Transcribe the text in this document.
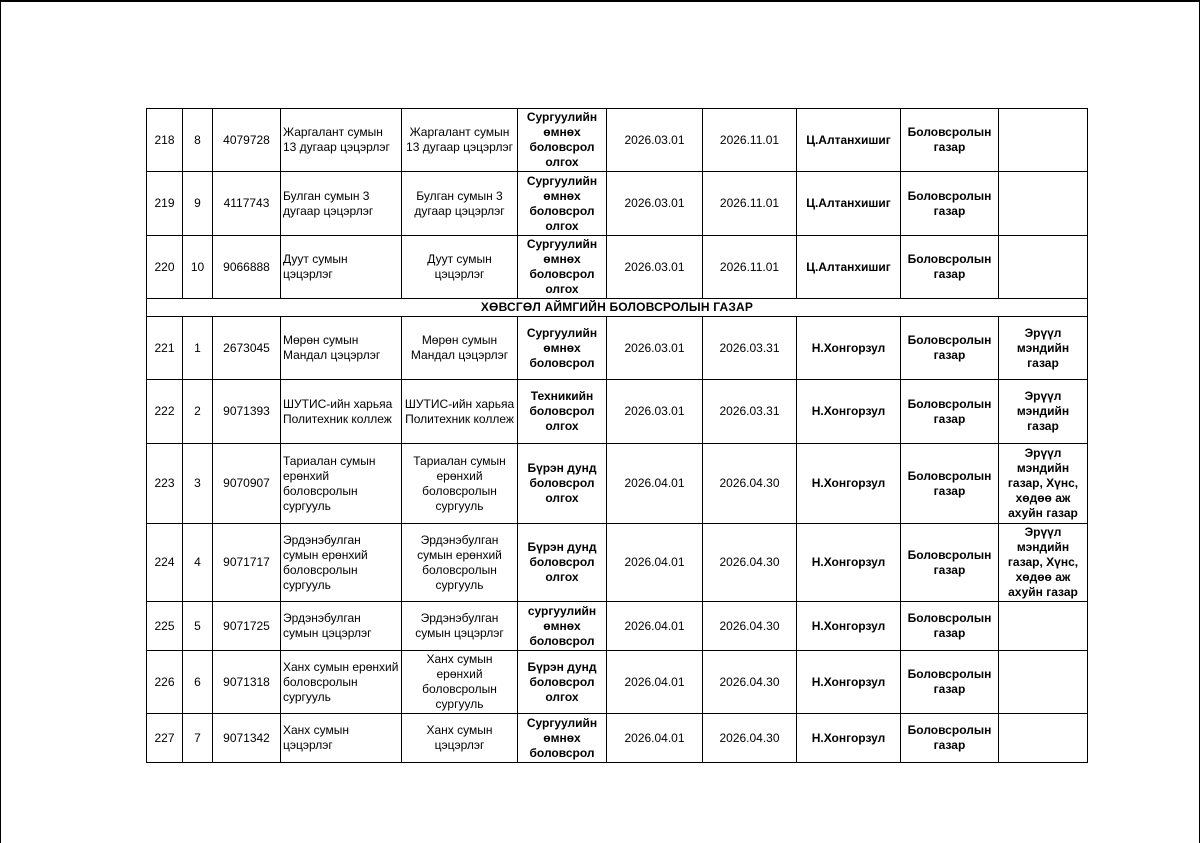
218	8	4079728	Жаргалант сумын 13 дугаар цэцэрлэг	Жаргалант сумын 13 дугаар цэцэрлэг	Сургуулийн өмнөх боловсрол олгох	2026.03.01	2026.11.01	Ц.Алтанхишиг	Боловсролын газар	
219	9	4117743	Булган сумын 3 дугаар цэцэрлэг	Булган сумын 3 дугаар цэцэрлэг	Сургуулийн өмнөх боловсрол олгох	2026.03.01	2026.11.01	Ц.Алтанхишиг	Боловсролын газар	
220	10	9066888	Дуут сумын цэцэрлэг	Дуут сумын цэцэрлэг	Сургуулийн өмнөх боловсрол олгох	2026.03.01	2026.11.01	Ц.Алтанхишиг	Боловсролын газар	
ХӨВСГӨЛ АЙМГИЙН БОЛОВСРОЛЫН ГАЗАР										
221	1	2673045	Мөрөн сумын Мандал цэцэрлэг	Мөрөн сумын Мандал цэцэрлэг	Сургуулийн өмнөх боловсрол	2026.03.01	2026.03.31	Н.Хонгорзул	Боловсролын газар	Эрүүл мэндийн газар
222	2	9071393	ШУТИС-ийн харьяа Политехник коллеж	ШУТИС-ийн харьяа Политехник коллеж	Техникийн боловсрол олгох	2026.03.01	2026.03.31	Н.Хонгорзул	Боловсролын газар	Эрүүл мэндийн газар
223	3	9070907	Тариалан сумын ерөнхий боловсролын сургууль	Тариалан сумын ерөнхий боловсролын сургууль	Бүрэн дунд боловсрол олгох	2026.04.01	2026.04.30	Н.Хонгорзул	Боловсролын газар	Эрүүл мэндийн газар, Хүнс, хөдөө аж ахуйн газар
224	4	9071717	Эрдэнэбулган сумын ерөнхий боловсролын сургууль	Эрдэнэбулган сумын ерөнхий боловсролын сургууль	Бүрэн дунд боловсрол олгох	2026.04.01	2026.04.30	Н.Хонгорзул	Боловсролын газар	Эрүүл мэндийн газар, Хүнс, хөдөө аж ахуйн газар
225	5	9071725	Эрдэнэбулган сумын цэцэрлэг	Эрдэнэбулган сумын цэцэрлэг	сургуулийн өмнөх боловсрол	2026.04.01	2026.04.30	Н.Хонгорзул	Боловсролын газар	
226	6	9071318	Ханх сумын ерөнхий боловсролын сургууль	Ханх сумын ерөнхий боловсролын сургууль	Бүрэн дунд боловсрол олгох	2026.04.01	2026.04.30	Н.Хонгорзул	Боловсролын газар	
227	7	9071342	Ханх сумын цэцэрлэг	Ханх сумын цэцэрлэг	Сургуулийн өмнөх боловсрол	2026.04.01	2026.04.30	Н.Хонгорзул	Боловсролын газар	
